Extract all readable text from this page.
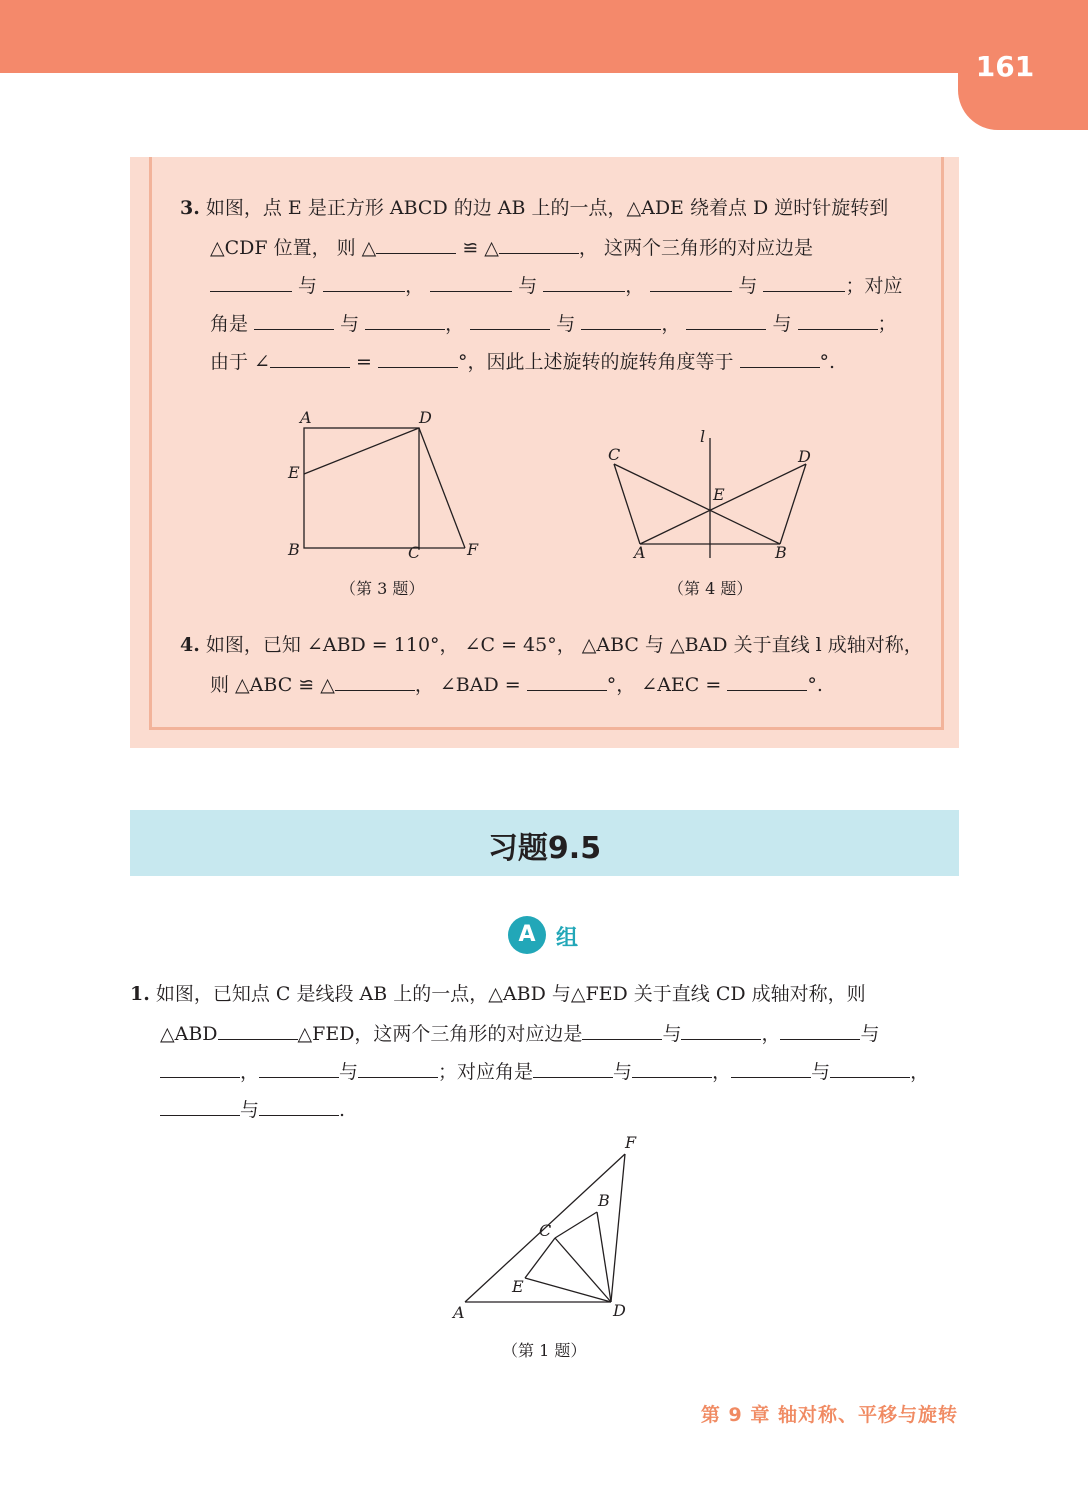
161
3. 如图，点 E 是正方形 ABCD 的边 AB 上的一点，△ADE 绕着点 D 逆时针旋转到
△CDF 位置， 则 △	≌ △	， 这两个三角形的对应边是
与	，	与	，	与	；对应
角是	与	，	与	，	与	；
由于 ∠	=	°，因此上述旋转的旋转角度等于	°.
A	D
E
B	C	F
（第 3 题）
l
C	D
E
A	B
（第 4 题）
4. 如图，已知 ∠ABD = 110°， ∠C = 45°， △ABC 与 △BAD 关于直线 l 成轴对称，
则 △ABC ≌ △	， ∠BAD =	°， ∠AEC =	°.
习题9.5
A 组
1. 如图，已知点 C 是线段 AB 上的一点，△ABD 与△FED 关于直线 CD 成轴对称，则
△ABD	△FED，这两个三角形的对应边是	与	，	与
，	与	；对应角是	与	，	与	，
与	.
F
B
C
E
A	D
（第 1 题）
第 9 章 轴对称、平移与旋转
